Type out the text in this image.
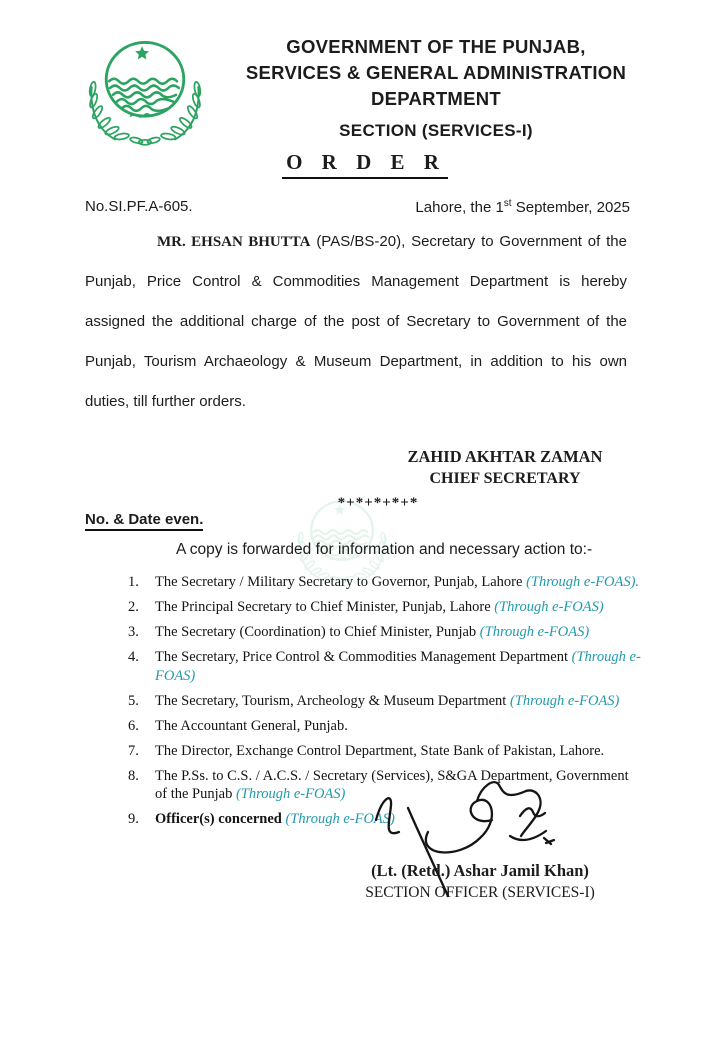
GOVERNMENT OF THE PUNJAB,
SERVICES & GENERAL ADMINISTRATION
DEPARTMENT
SECTION (SERVICES-I)
O R D E R
No.SI.PF.A-605.	Lahore, the 1st September, 2025

MR. EHSAN BHUTTA (PAS/BS-20), Secretary to Government of the Punjab, Price Control & Commodities Management Department is hereby assigned the additional charge of the post of Secretary to Government of the Punjab, Tourism Archaeology & Museum Department, in addition to his own duties, till further orders.

ZAHID AKHTAR ZAMAN
CHIEF SECRETARY
*+*+*+*+*
No. & Date even.
A copy is forwarded for information and necessary action to:-
1.	The Secretary / Military Secretary to Governor, Punjab, Lahore (Through e-FOAS).
2.	The Principal Secretary to Chief Minister, Punjab, Lahore (Through e-FOAS)
3.	The Secretary (Coordination) to Chief Minister, Punjab (Through e-FOAS)
4.	The Secretary, Price Control & Commodities Management Department (Through e-FOAS)
5.	The Secretary, Tourism, Archeology & Museum Department (Through e-FOAS)
6.	The Accountant General, Punjab.
7.	The Director, Exchange Control Department, State Bank of Pakistan, Lahore.
8.	The P.Ss. to C.S. / A.C.S. / Secretary (Services), S&GA Department, Government of the Punjab (Through e-FOAS)
9.	Officer(s) concerned (Through e-FOAS)
(Lt. (Retd.) Ashar Jamil Khan)
SECTION OFFICER (SERVICES-I)
